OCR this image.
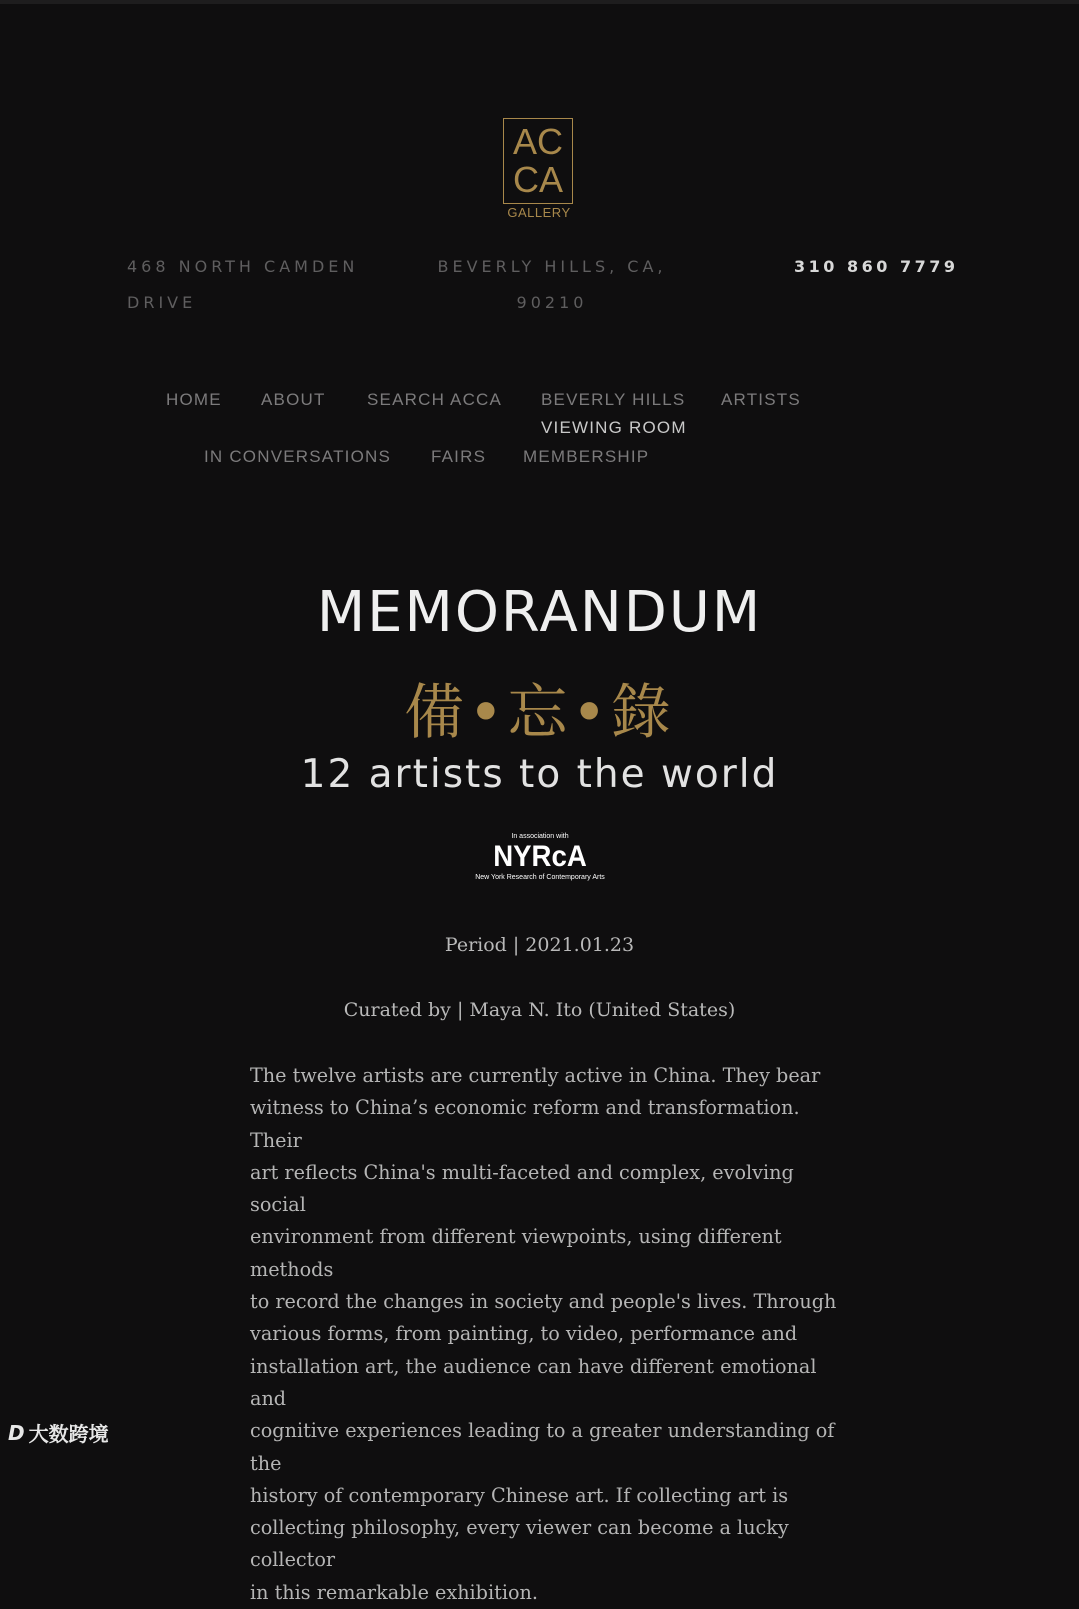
AC
CA
GALLERY
468 NORTH CAMDEN
DRIVE
BEVERLY HILLS, CA,
90210
310 860 7779
HOME ABOUT SEARCH ACCA BEVERLY HILLS
VIEWING ROOM
ARTISTS
IN CONVERSATIONS FAIRS MEMBERSHIP
MEMORANDUM
備•忘•錄
12 artists to the world
In association with
NYRcA
New York Research of Contemporary Arts
Period | 2021.01.23
Curated by | Maya N. Ito (United States)
The twelve artists are currently active in China. They bear
witness to China’s economic reform and transformation. Their
art reflects China's multi-faceted and complex, evolving social
environment from different viewpoints, using different methods
to record the changes in society and people's lives. Through
various forms, from painting, to video, performance and
installation art, the audience can have different emotional and
cognitive experiences leading to a greater understanding of the
history of contemporary Chinese art. If collecting art is
collecting philosophy, every viewer can become a lucky collector
in this remarkable exhibition.
D 大数跨境
